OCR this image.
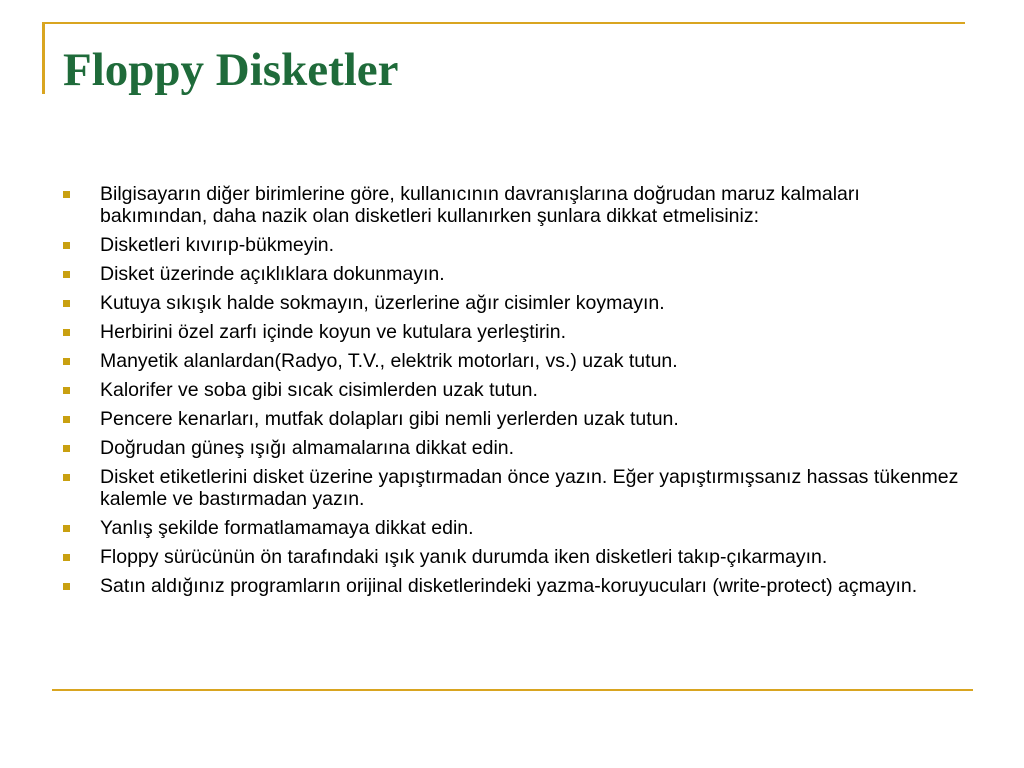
Floppy Disketler
Bilgisayarın diğer birimlerine göre, kullanıcının davranışlarına doğrudan maruz kalmaları bakımından, daha nazik olan disketleri kullanırken şunlara dikkat etmelisiniz:
Disketleri kıvırıp-bükmeyin.
Disket üzerinde açıklıklara dokunmayın.
Kutuya sıkışık halde sokmayın, üzerlerine ağır cisimler koymayın.
Herbirini özel zarfı içinde koyun ve kutulara yerleştirin.
Manyetik alanlardan(Radyo, T.V., elektrik motorları, vs.) uzak tutun.
Kalorifer ve soba gibi sıcak cisimlerden uzak tutun.
Pencere kenarları, mutfak dolapları gibi nemli yerlerden uzak tutun.
Doğrudan güneş ışığı almamalarına dikkat edin.
Disket etiketlerini disket üzerine yapıştırmadan önce yazın. Eğer yapıştırmışsanız hassas tükenmez kalemle ve bastırmadan yazın.
Yanlış şekilde formatlamamaya dikkat edin.
Floppy sürücünün ön tarafındaki ışık yanık durumda iken disketleri takıp-çıkarmayın.
Satın aldığınız programların orijinal disketlerindeki yazma-koruyucuları (write-protect) açmayın.
